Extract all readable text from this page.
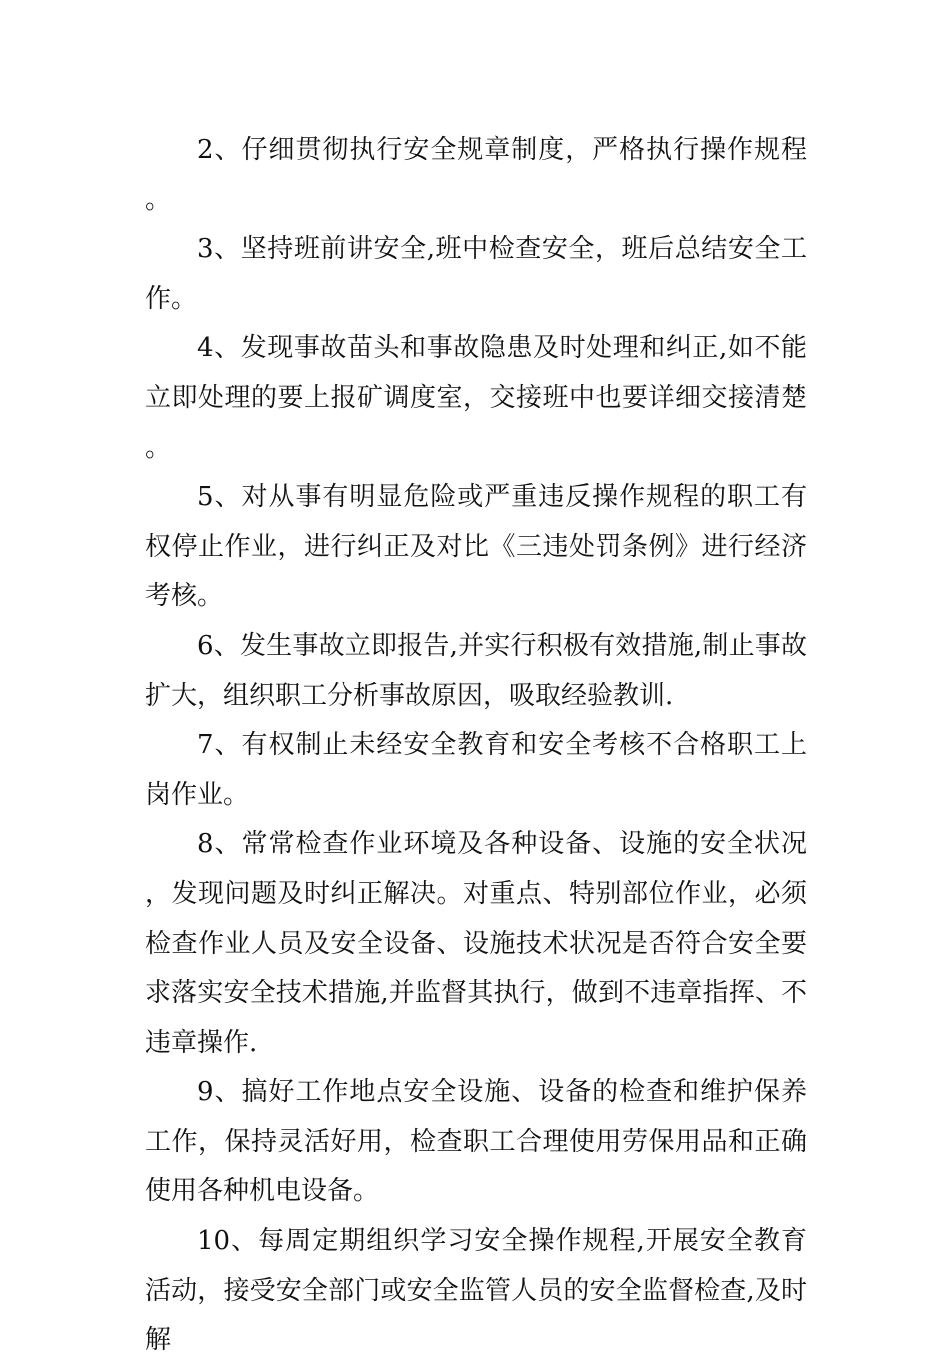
2、仔细贯彻执行安全规章制度，严格执行操作规程。

3、坚持班前讲安全,班中检查安全，班后总结安全工作。

4、发现事故苗头和事故隐患及时处理和纠正,如不能立即处理的要上报矿调度室，交接班中也要详细交接清楚。

5、对从事有明显危险或严重违反操作规程的职工有权停止作业，进行纠正及对比《三违处罚条例》进行经济考核。

6、发生事故立即报告,并实行积极有效措施,制止事故扩大，组织职工分析事故原因，吸取经验教训.

7、有权制止未经安全教育和安全考核不合格职工上岗作业。

8、常常检查作业环境及各种设备、设施的安全状况，发现问题及时纠正解决。对重点、特别部位作业，必须检查作业人员及安全设备、设施技术状况是否符合安全要求落实安全技术措施,并监督其执行，做到不违章指挥、不违章操作.

9、搞好工作地点安全设施、设备的检查和维护保养工作，保持灵活好用，检查职工合理使用劳保用品和正确使用各种机电设备。

10、每周定期组织学习安全操作规程,开展安全教育活动，接受安全部门或安全监管人员的安全监督检查,及时解
